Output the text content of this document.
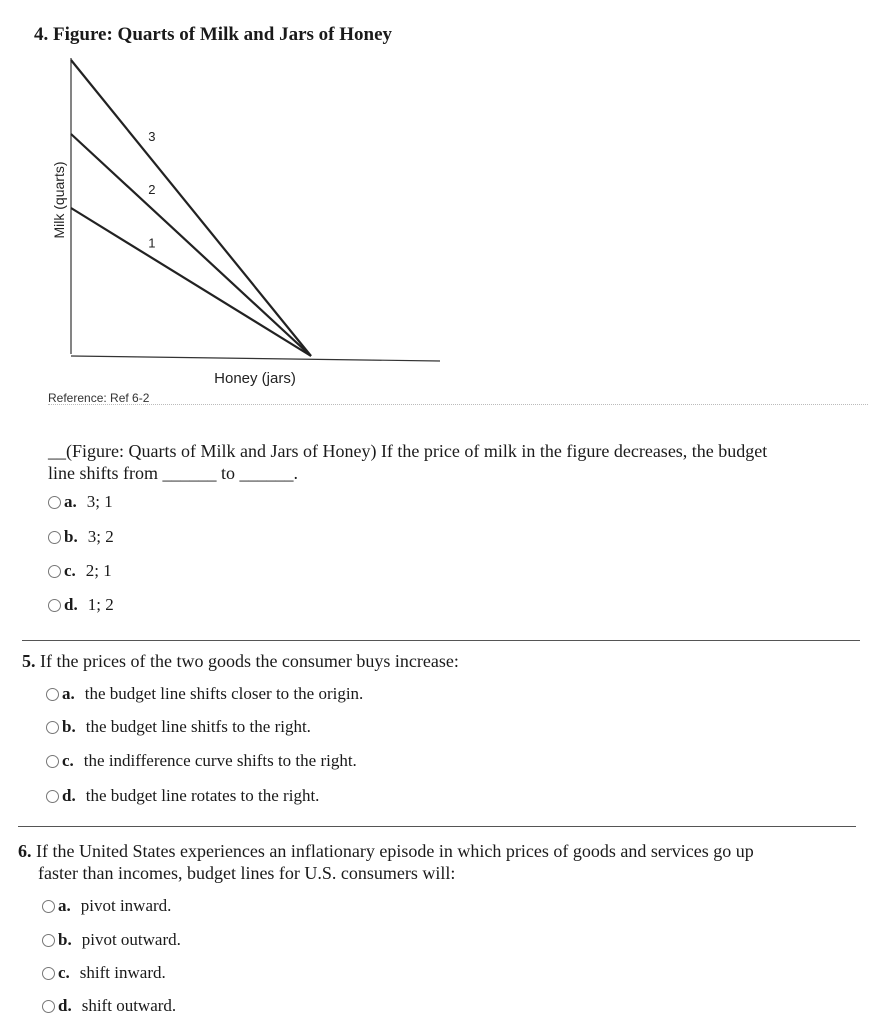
4. Figure: Quarts of Milk and Jars of Honey
1
2
3
Honey (jars)
Milk (quarts)
Reference: Ref 6-2
__(Figure: Quarts of Milk and Jars of Honey) If the price of milk in the figure decreases, the budget
line shifts from ______ to ______.
a. 3; 1
b. 3; 2
c. 2; 1
d. 1; 2
5. If the prices of the two goods the consumer buys increase:
a. the budget line shifts closer to the origin.
b. the budget line shitfs to the right.
c. the indifference curve shifts to the right.
d. the budget line rotates to the right.
6. If the United States experiences an inflationary episode in which prices of goods and services go up
faster than incomes, budget lines for U.S. consumers will:
a. pivot inward.
b. pivot outward.
c. shift inward.
d. shift outward.
